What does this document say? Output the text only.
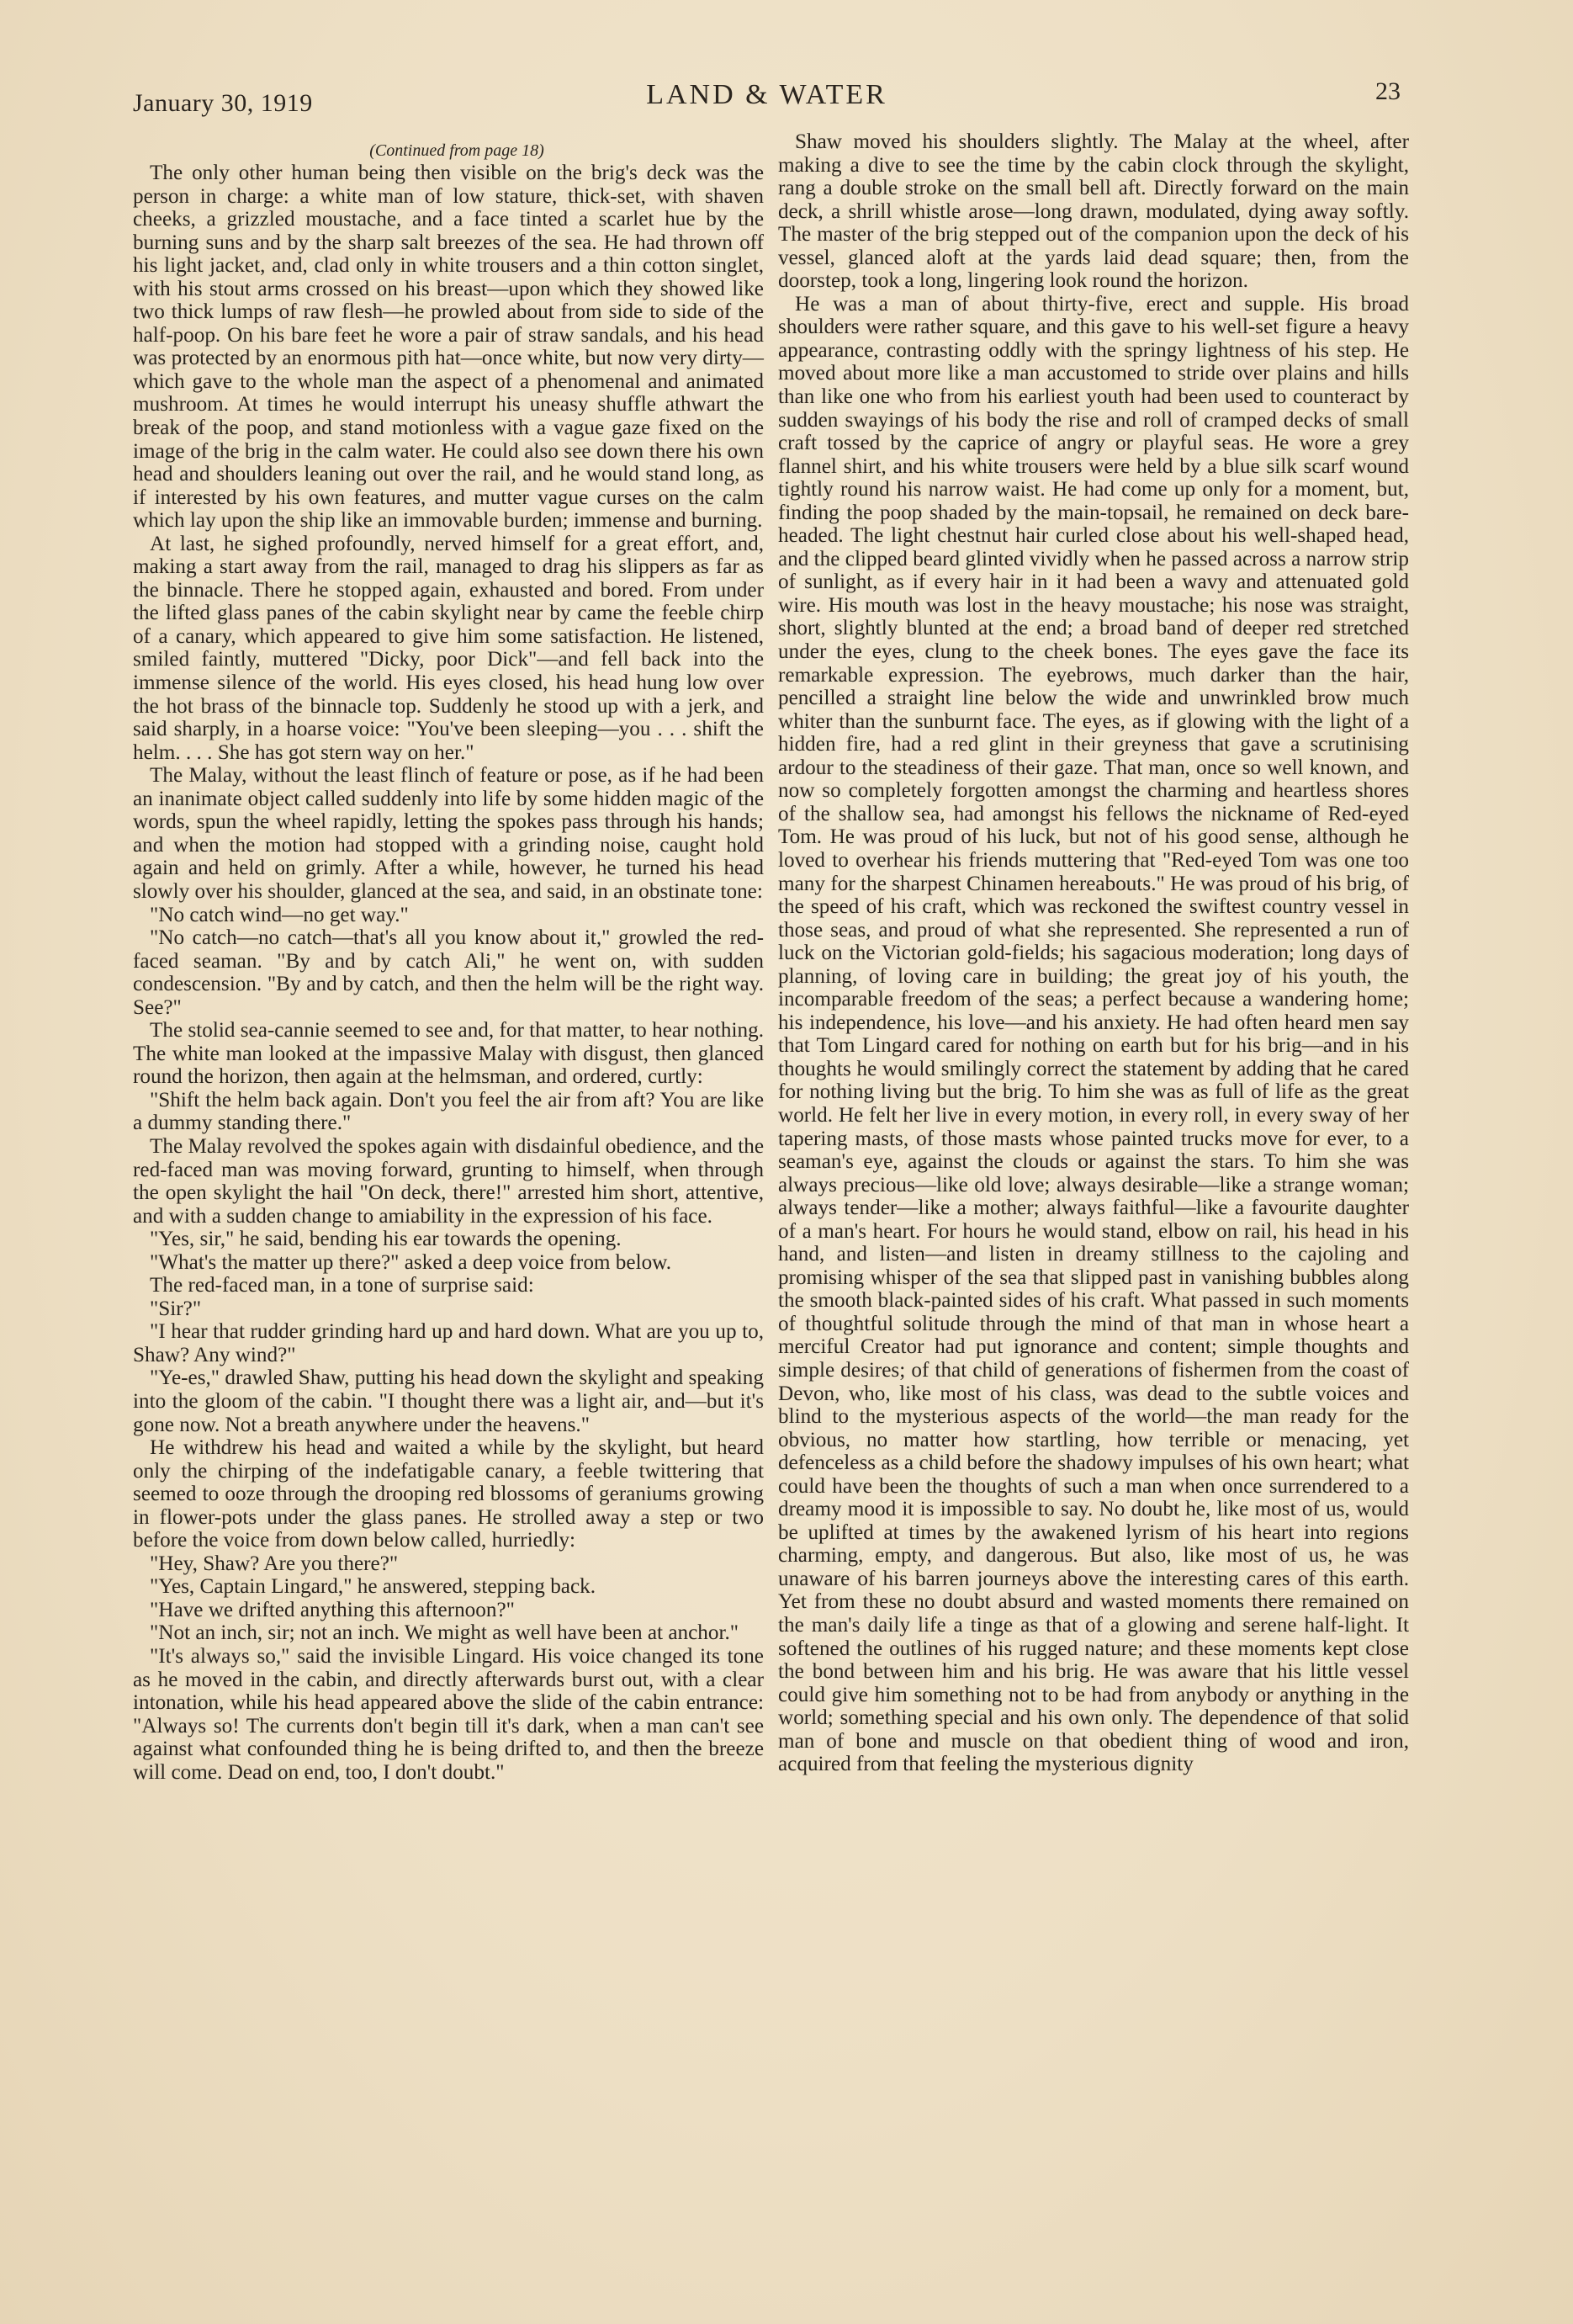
January 30, 1919	LAND & WATER	23

(Continued from page 18)

The only other human being then visible on the brig's deck was the person in charge: a white man of low stature, thick-set, with shaven cheeks, a grizzled moustache, and a face tinted a scarlet hue by the burning suns and by the sharp salt breezes of the sea. He had thrown off his light jacket, and, clad only in white trousers and a thin cotton singlet, with his stout arms crossed on his breast—upon which they showed like two thick lumps of raw flesh—he prowled about from side to side of the half-poop. On his bare feet he wore a pair of straw sandals, and his head was protected by an enormous pith hat—once white, but now very dirty—which gave to the whole man the aspect of a phenomenal and animated mushroom. At times he would interrupt his uneasy shuffle athwart the break of the poop, and stand motionless with a vague gaze fixed on the image of the brig in the calm water. He could also see down there his own head and shoulders leaning out over the rail, and he would stand long, as if interested by his own features, and mutter vague curses on the calm which lay upon the ship like an immovable burden; immense and burning.

At last, he sighed profoundly, nerved himself for a great effort, and, making a start away from the rail, managed to drag his slippers as far as the binnacle. There he stopped again, exhausted and bored. From under the lifted glass panes of the cabin skylight near by came the feeble chirp of a canary, which appeared to give him some satisfaction. He listened, smiled faintly, muttered "Dicky, poor Dick"—and fell back into the immense silence of the world. His eyes closed, his head hung low over the hot brass of the binnacle top. Suddenly he stood up with a jerk, and said sharply, in a hoarse voice: "You've been sleeping—you . . . shift the helm. . . . She has got stern way on her."

The Malay, without the least flinch of feature or pose, as if he had been an inanimate object called suddenly into life by some hidden magic of the words, spun the wheel rapidly, letting the spokes pass through his hands; and when the motion had stopped with a grinding noise, caught hold again and held on grimly. After a while, however, he turned his head slowly over his shoulder, glanced at the sea, and said, in an obstinate tone:

"No catch wind—no get way."

"No catch—no catch—that's all you know about it," growled the red-faced seaman. "By and by catch Ali," he went on, with sudden condescension. "By and by catch, and then the helm will be the right way. See?"

The stolid sea-cannie seemed to see and, for that matter, to hear nothing. The white man looked at the impassive Malay with disgust, then glanced round the horizon, then again at the helmsman, and ordered, curtly:

"Shift the helm back again. Don't you feel the air from aft? You are like a dummy standing there."

The Malay revolved the spokes again with disdainful obedience, and the red-faced man was moving forward, grunting to himself, when through the open skylight the hail "On deck, there!" arrested him short, attentive, and with a sudden change to amiability in the expression of his face.

"Yes, sir," he said, bending his ear towards the opening.

"What's the matter up there?" asked a deep voice from below.

The red-faced man, in a tone of surprise said:

"Sir?"

"I hear that rudder grinding hard up and hard down. What are you up to, Shaw? Any wind?"

"Ye-es," drawled Shaw, putting his head down the skylight and speaking into the gloom of the cabin. "I thought there was a light air, and—but it's gone now. Not a breath anywhere under the heavens."

He withdrew his head and waited a while by the skylight, but heard only the chirping of the indefatigable canary, a feeble twittering that seemed to ooze through the drooping red blossoms of geraniums growing in flower-pots under the glass panes. He strolled away a step or two before the voice from down below called, hurriedly:

"Hey, Shaw? Are you there?"

"Yes, Captain Lingard," he answered, stepping back.

"Have we drifted anything this afternoon?"

"Not an inch, sir; not an inch. We might as well have been at anchor."

"It's always so," said the invisible Lingard. His voice changed its tone as he moved in the cabin, and directly afterwards burst out, with a clear intonation, while his head appeared above the slide of the cabin entrance: "Always so! The currents don't begin till it's dark, when a man can't see against what confounded thing he is being drifted to, and then the breeze will come. Dead on end, too, I don't doubt."

Shaw moved his shoulders slightly. The Malay at the wheel, after making a dive to see the time by the cabin clock through the skylight, rang a double stroke on the small bell aft. Directly forward on the main deck, a shrill whistle arose—long drawn, modulated, dying away softly. The master of the brig stepped out of the companion upon the deck of his vessel, glanced aloft at the yards laid dead square; then, from the doorstep, took a long, lingering look round the horizon.

He was a man of about thirty-five, erect and supple. His broad shoulders were rather square, and this gave to his well-set figure a heavy appearance, contrasting oddly with the springy lightness of his step. He moved about more like a man accustomed to stride over plains and hills than like one who from his earliest youth had been used to counteract by sudden swayings of his body the rise and roll of cramped decks of small craft tossed by the caprice of angry or playful seas. He wore a grey flannel shirt, and his white trousers were held by a blue silk scarf wound tightly round his narrow waist. He had come up only for a moment, but, finding the poop shaded by the main-topsail, he remained on deck bare-headed. The light chestnut hair curled close about his well-shaped head, and the clipped beard glinted vividly when he passed across a narrow strip of sunlight, as if every hair in it had been a wavy and attenuated gold wire. His mouth was lost in the heavy moustache; his nose was straight, short, slightly blunted at the end; a broad band of deeper red stretched under the eyes, clung to the cheek bones. The eyes gave the face its remarkable expression. The eyebrows, much darker than the hair, pencilled a straight line below the wide and unwrinkled brow much whiter than the sunburnt face. The eyes, as if glowing with the light of a hidden fire, had a red glint in their greyness that gave a scrutinising ardour to the steadiness of their gaze. That man, once so well known, and now so completely forgotten amongst the charming and heartless shores of the shallow sea, had amongst his fellows the nickname of Red-eyed Tom. He was proud of his luck, but not of his good sense, although he loved to overhear his friends muttering that "Red-eyed Tom was one too many for the sharpest Chinamen hereabouts." He was proud of his brig, of the speed of his craft, which was reckoned the swiftest country vessel in those seas, and proud of what she represented. She represented a run of luck on the Victorian gold-fields; his sagacious moderation; long days of planning, of loving care in building; the great joy of his youth, the incomparable freedom of the seas; a perfect because a wandering home; his independence, his love—and his anxiety. He had often heard men say that Tom Lingard cared for nothing on earth but for his brig—and in his thoughts he would smilingly correct the statement by adding that he cared for nothing living but the brig. To him she was as full of life as the great world. He felt her live in every motion, in every roll, in every sway of her tapering masts, of those masts whose painted trucks move for ever, to a seaman's eye, against the clouds or against the stars. To him she was always precious—like old love; always desirable—like a strange woman; always tender—like a mother; always faithful—like a favourite daughter of a man's heart. For hours he would stand, elbow on rail, his head in his hand, and listen—and listen in dreamy stillness to the cajoling and promising whisper of the sea that slipped past in vanishing bubbles along the smooth black-painted sides of his craft. What passed in such moments of thoughtful solitude through the mind of that man in whose heart a merciful Creator had put ignorance and content; simple thoughts and simple desires; of that child of generations of fishermen from the coast of Devon, who, like most of his class, was dead to the subtle voices and blind to the mysterious aspects of the world—the man ready for the obvious, no matter how startling, how terrible or menacing, yet defenceless as a child before the shadowy impulses of his own heart; what could have been the thoughts of such a man when once surrendered to a dreamy mood it is impossible to say. No doubt he, like most of us, would be uplifted at times by the awakened lyrism of his heart into regions charming, empty, and dangerous. But also, like most of us, he was unaware of his barren journeys above the interesting cares of this earth. Yet from these no doubt absurd and wasted moments there remained on the man's daily life a tinge as that of a glowing and serene half-light. It softened the outlines of his rugged nature; and these moments kept close the bond between him and his brig. He was aware that his little vessel could give him something not to be had from anybody or anything in the world; something special and his own only. The dependence of that solid man of bone and muscle on that obedient thing of wood and iron, acquired from that feeling the mysterious dignity
